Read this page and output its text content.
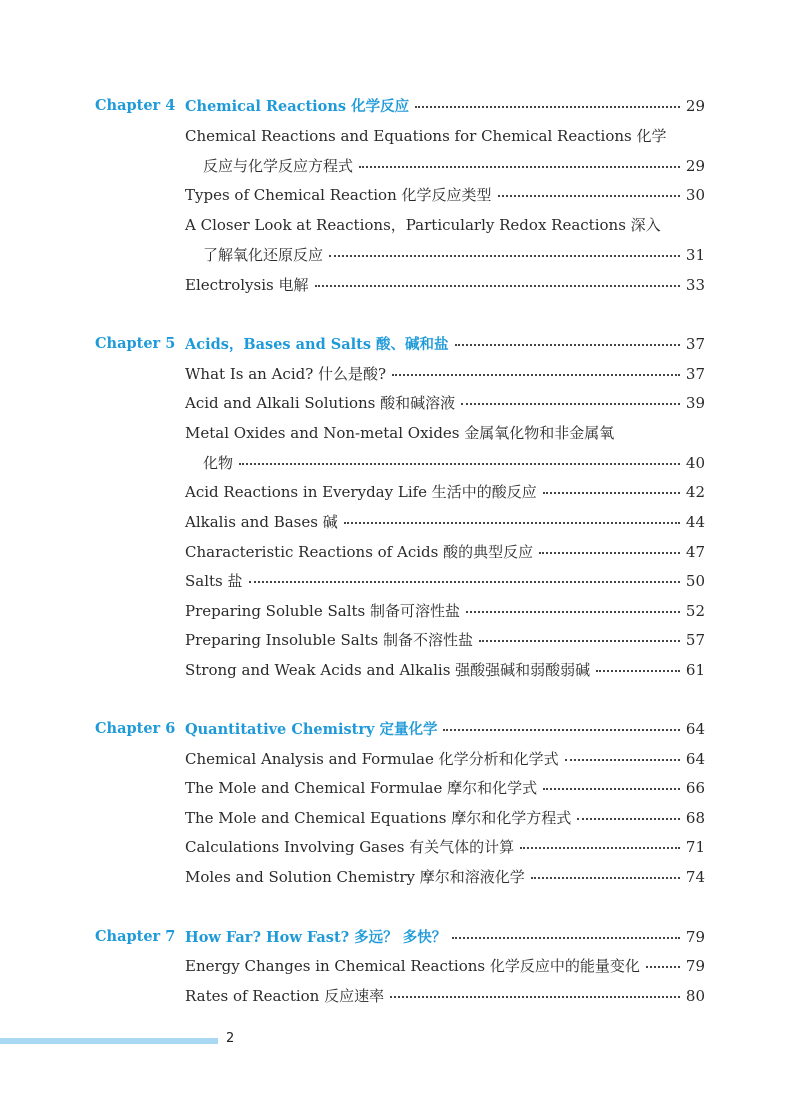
Chapter 4 Chemical Reactions 化学反应	29
Chemical Reactions and Equations for Chemical Reactions 化学
反应与化学反应方程式	29
Types of Chemical Reaction 化学反应类型	30
A Closer Look at Reactions，Particularly Redox Reactions 深入
了解氧化还原反应	31
Electrolysis 电解	33
Chapter 5 Acids，Bases and Salts 酸、碱和盐	37
What Is an Acid? 什么是酸?	37
Acid and Alkali Solutions 酸和碱溶液	39
Metal Oxides and Non-metal Oxides 金属氧化物和非金属氧
化物	40
Acid Reactions in Everyday Life 生活中的酸反应	42
Alkalis and Bases 碱	44
Characteristic Reactions of Acids 酸的典型反应	47
Salts 盐	50
Preparing Soluble Salts 制备可溶性盐	52
Preparing Insoluble Salts 制备不溶性盐	57
Strong and Weak Acids and Alkalis 强酸强碱和弱酸弱碱	61
Chapter 6 Quantitative Chemistry 定量化学	64
Chemical Analysis and Formulae 化学分析和化学式	64
The Mole and Chemical Formulae 摩尔和化学式	66
The Mole and Chemical Equations 摩尔和化学方程式	68
Calculations Involving Gases 有关气体的计算	71
Moles and Solution Chemistry 摩尔和溶液化学	74
Chapter 7 How Far? How Fast? 多远？ 多快？	79
Energy Changes in Chemical Reactions 化学反应中的能量变化	79
Rates of Reaction 反应速率	80
2
